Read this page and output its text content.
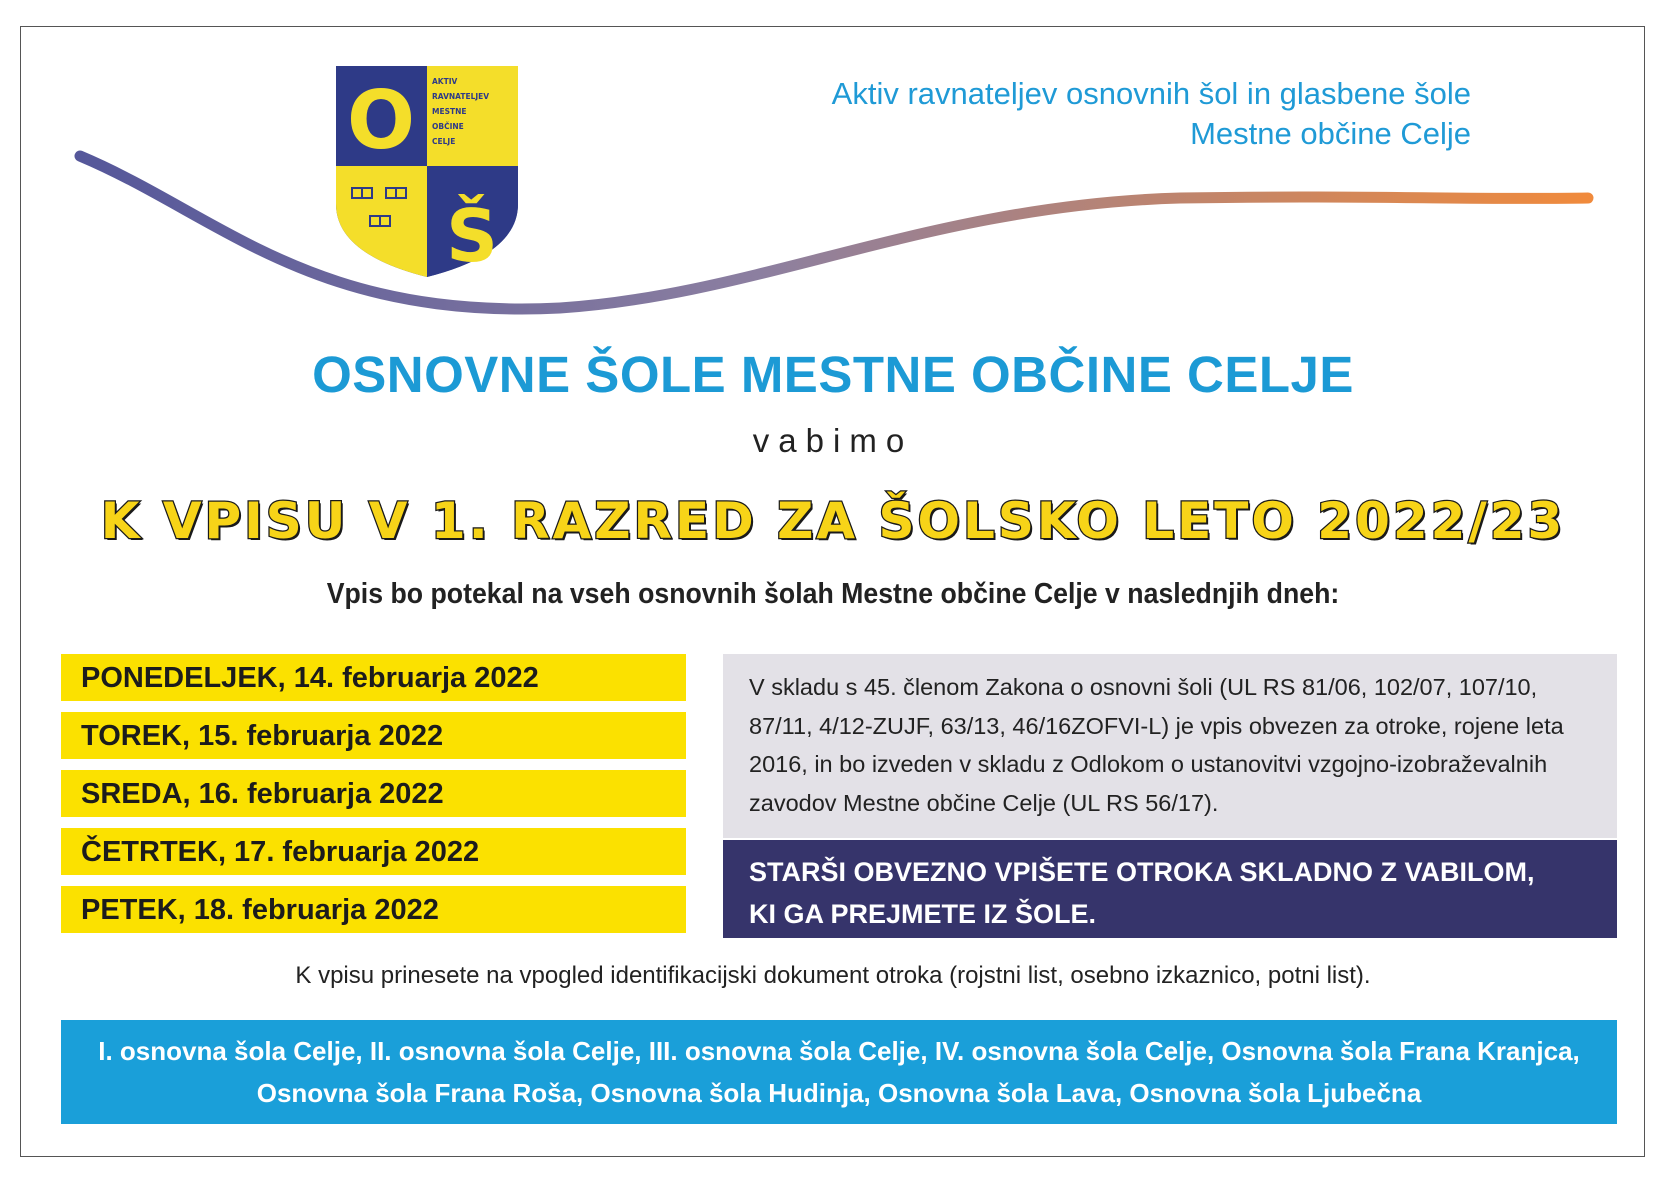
O
Š
AKTIV
RAVNATELJEV
MESTNE
OBČINE
CELJE
Aktiv ravnateljev osnovnih šol in glasbene šole
Mestne občine Celje
OSNOVNE ŠOLE MESTNE OBČINE CELJE
vabimo
K VPISU V 1. RAZRED ZA ŠOLSKO LETO 2022/23
Vpis bo potekal na vseh osnovnih šolah Mestne občine Celje v naslednjih dneh:
PONEDELJEK, 14. februarja 2022
TOREK, 15. februarja 2022
SREDA, 16. februarja 2022
ČETRTEK, 17. februarja 2022
PETEK, 18. februarja 2022
V skladu s 45. členom Zakona o osnovni šoli (UL RS 81/06, 102/07, 107/10, 87/11, 4/12-ZUJF, 63/13, 46/16ZOFVI-L) je vpis obvezen za otroke, rojene leta 2016, in bo izveden v skladu z Odlokom o ustanovitvi vzgojno-izobraževalnih zavodov Mestne občine Celje (UL RS 56/17).
STARŠI OBVEZNO VPIŠETE OTROKA SKLADNO Z VABILOM,
KI GA PREJMETE IZ ŠOLE.
K vpisu prinesete na vpogled identifikacijski dokument otroka (rojstni list, osebno izkaznico, potni list).
I. osnovna šola Celje, II. osnovna šola Celje, III. osnovna šola Celje, IV. osnovna šola Celje, Osnovna šola Frana Kranjca,
Osnovna šola Frana Roša, Osnovna šola Hudinja, Osnovna šola Lava, Osnovna šola Ljubečna
